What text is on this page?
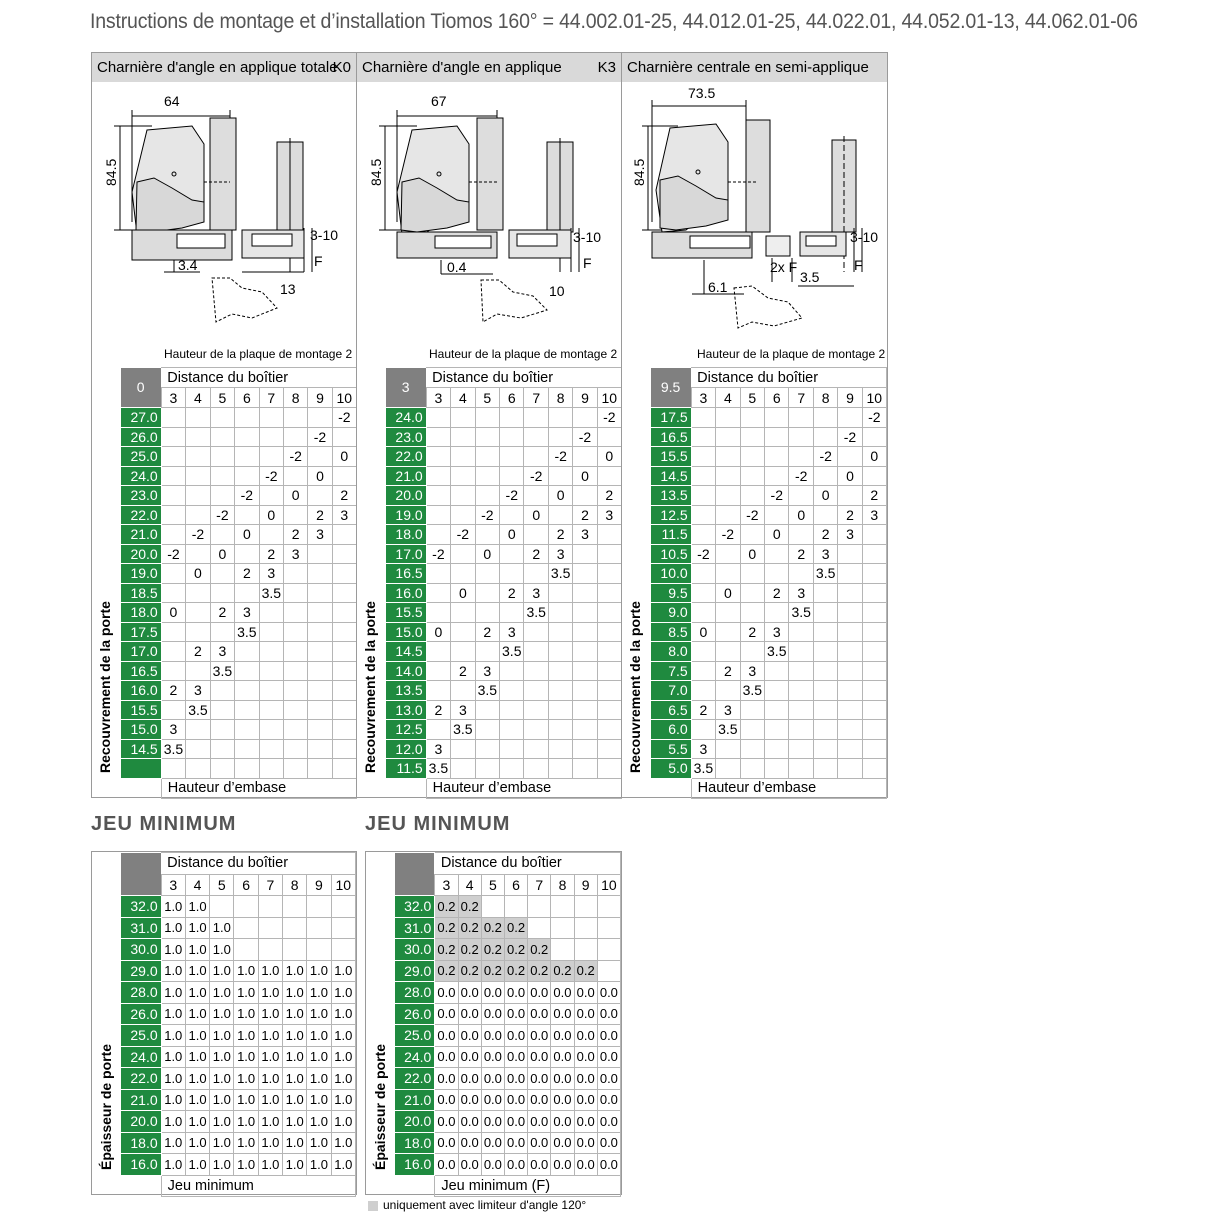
Instructions de montage et d’installation Tiomos 160° = 44.002.01-25, 44.012.01-25, 44.022.01, 44.052.01-13, 44.062.01-06
Charnière d'angle en applique totale
K0
64
84.5
3-10
3.4	F
13
Hauteur de la plaque de montage 2
0	Distance du boîtier							
	3	4	5	6	7	8	9	10
27.0								-2
26.0							-2	
25.0						-2		0
24.0					-2		0	
23.0				-2		0		2
22.0			-2		0		2	3
21.0		-2		0		2	3	
20.0	-2		0		2	3		
19.0		0		2	3			
18.5					3.5			
18.0	0		2	3				
17.5				3.5				
17.0		2	3					
16.5			3.5					
16.0	2	3						
15.5		3.5						
15.0	3							
14.5	3.5							

	Hauteur d’embase							
Recouvrement de la porte
Charnière d'angle en applique K3
67
84.5
3-10
0.4	F
10
Hauteur de la plaque de montage 2
3	Distance du boîtier							
	3	4	5	6	7	8	9	10
24.0								-2
23.0							-2	
22.0						-2		0
21.0					-2		0	
20.0				-2		0		2
19.0			-2		0		2	3
18.0		-2		0		2	3	
17.0	-2		0		2	3		
16.5						3.5		
16.0		0		2	3			
15.5					3.5			
15.0	0		2	3				
14.5				3.5				
14.0		2	3					
13.5			3.5					
13.0	2	3						
12.5		3.5						
12.0	3							
11.5	3.5							
	Hauteur d’embase							
Recouvrement de la porte
Charnière centrale en semi-applique
73.5
84.5
3-10
6.1
F
2x F
3.5
Hauteur de la plaque de montage 2
9.5	Distance du boîtier							
	3	4	5	6	7	8	9	10
17.5								-2
16.5							-2	
15.5						-2		0
14.5					-2		0	
13.5				-2		0		2
12.5			-2		0		2	3
11.5		-2		0		2	3	
10.5	-2		0		2	3		
10.0						3.5		
9.5		0		2	3			
9.0					3.5			
8.5	0		2	3				
8.0				3.5				
7.5		2	3					
7.0			3.5					
6.5	2	3						
6.0		3.5						
5.5	3							
5.0	3.5							
	Hauteur d’embase							
Recouvrement de la porte
JEU MINIMUM	JEU MINIMUM
	Distance du boîtier							
	3	4	5	6	7	8	9	10
32.0	1.0	1.0						
31.0	1.0	1.0	1.0					
30.0	1.0	1.0	1.0					
29.0	1.0	1.0	1.0	1.0	1.0	1.0	1.0	1.0
28.0	1.0	1.0	1.0	1.0	1.0	1.0	1.0	1.0
26.0	1.0	1.0	1.0	1.0	1.0	1.0	1.0	1.0
25.0	1.0	1.0	1.0	1.0	1.0	1.0	1.0	1.0
24.0	1.0	1.0	1.0	1.0	1.0	1.0	1.0	1.0
22.0	1.0	1.0	1.0	1.0	1.0	1.0	1.0	1.0
21.0	1.0	1.0	1.0	1.0	1.0	1.0	1.0	1.0
20.0	1.0	1.0	1.0	1.0	1.0	1.0	1.0	1.0
18.0	1.0	1.0	1.0	1.0	1.0	1.0	1.0	1.0
16.0	1.0	1.0	1.0	1.0	1.0	1.0	1.0	1.0
	Jeu minimum							
Épaisseur de porte
	Distance du boîtier							
	3	4	5	6	7	8	9	10
32.0	0.2	0.2						
31.0	0.2	0.2	0.2	0.2				
30.0	0.2	0.2	0.2	0.2	0.2			
29.0	0.2	0.2	0.2	0.2	0.2	0.2	0.2	
28.0	0.0	0.0	0.0	0.0	0.0	0.0	0.0	0.0
26.0	0.0	0.0	0.0	0.0	0.0	0.0	0.0	0.0
25.0	0.0	0.0	0.0	0.0	0.0	0.0	0.0	0.0
24.0	0.0	0.0	0.0	0.0	0.0	0.0	0.0	0.0
22.0	0.0	0.0	0.0	0.0	0.0	0.0	0.0	0.0
21.0	0.0	0.0	0.0	0.0	0.0	0.0	0.0	0.0
20.0	0.0	0.0	0.0	0.0	0.0	0.0	0.0	0.0
18.0	0.0	0.0	0.0	0.0	0.0	0.0	0.0	0.0
16.0	0.0	0.0	0.0	0.0	0.0	0.0	0.0	0.0
	Jeu minimum (F)							
Épaisseur de porte
uniquement avec limiteur d'angle 120°
